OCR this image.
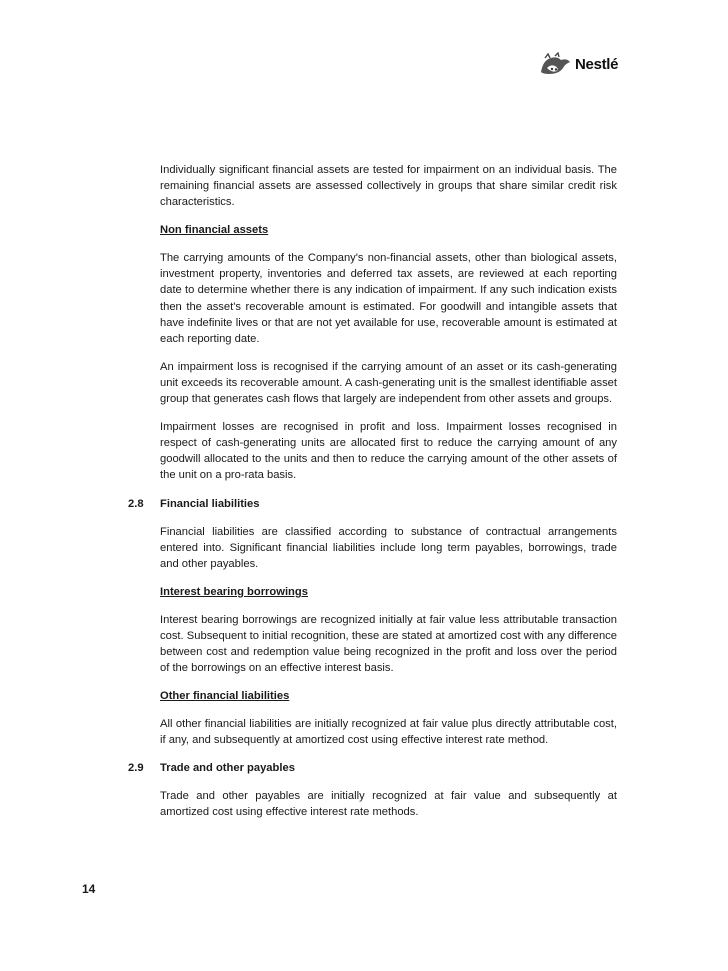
Nestlé

Individually significant financial assets are tested for impairment on an individual basis. The remaining financial assets are assessed collectively in groups that share similar credit risk characteristics.

Non financial assets

The carrying amounts of the Company's non-financial assets, other than biological assets, investment property, inventories and deferred tax assets, are reviewed at each reporting date to determine whether there is any indication of impairment. If any such indication exists then the asset's recoverable amount is estimated. For goodwill and intangible assets that have indefinite lives or that are not yet available for use, recoverable amount is estimated at each reporting date.

An impairment loss is recognised if the carrying amount of an asset or its cash-generating unit exceeds its recoverable amount. A cash-generating unit is the smallest identifiable asset group that generates cash flows that largely are independent from other assets and groups.

Impairment losses are recognised in profit and loss. Impairment losses recognised in respect of cash-generating units are allocated first to reduce the carrying amount of any goodwill allocated to the units and then to reduce the carrying amount of the other assets of the unit on a pro-rata basis.

2.8 Financial liabilities

Financial liabilities are classified according to substance of contractual arrangements entered into. Significant financial liabilities include long term payables, borrowings, trade and other payables.

Interest bearing borrowings

Interest bearing borrowings are recognized initially at fair value less attributable transaction cost. Subsequent to initial recognition, these are stated at amortized cost with any difference between cost and redemption value being recognized in the profit and loss over the period of the borrowings on an effective interest basis.

Other financial liabilities

All other financial liabilities are initially recognized at fair value plus directly attributable cost, if any, and subsequently at amortized cost using effective interest rate method.

2.9 Trade and other payables

Trade and other payables are initially recognized at fair value and subsequently at amortized cost using effective interest rate methods.

14
